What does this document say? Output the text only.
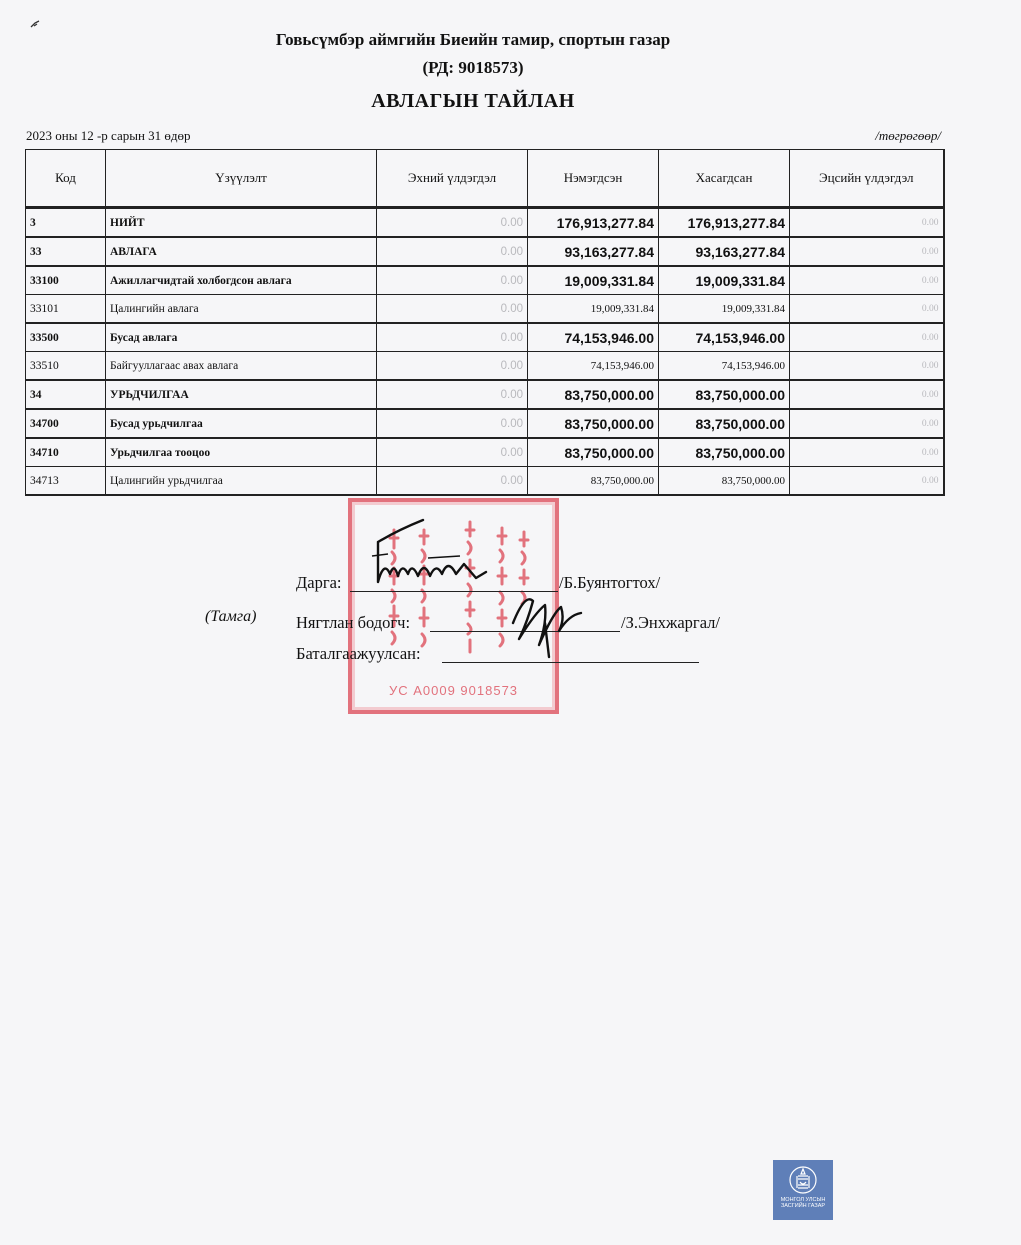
Говьсүмбэр аймгийн Биеийн тамир, спортын газар
(РД: 9018573)
АВЛАГЫН ТАЙЛАН
2023 оны 12 -р сарын 31 өдөр	/төгрөгөөр/
Код	Үзүүлэлт	Эхний үлдэгдэл	Нэмэгдсэн	Хасагдсан	Эцсийн үлдэгдэл
3	НИЙТ	0.00	176,913,277.84	176,913,277.84	0.00
33	АВЛАГА	0.00	93,163,277.84	93,163,277.84	0.00
33100	Ажиллагчидтай холбогдсон авлага	0.00	19,009,331.84	19,009,331.84	0.00
33101	Цалингийн авлага	0.00	19,009,331.84	19,009,331.84	0.00
33500	Бусад авлага	0.00	74,153,946.00	74,153,946.00	0.00
33510	Байгууллагаас авах авлага	0.00	74,153,946.00	74,153,946.00	0.00
34	УРЬДЧИЛГАА	0.00	83,750,000.00	83,750,000.00	0.00
34700	Бусад урьдчилгаа	0.00	83,750,000.00	83,750,000.00	0.00
34710	Урьдчилгаа тооцоо	0.00	83,750,000.00	83,750,000.00	0.00
34713	Цалингийн урьдчилгаа	0.00	83,750,000.00	83,750,000.00	0.00
УС А0009 9018573
Дарга:	/Б.Буянтогтох/
(Тамга) Нягтлан бодогч:	/З.Энхжаргал/
Баталгаажуулсан:
МОНГОЛ УЛСЫН
ЗАСГИЙН ГАЗАР
